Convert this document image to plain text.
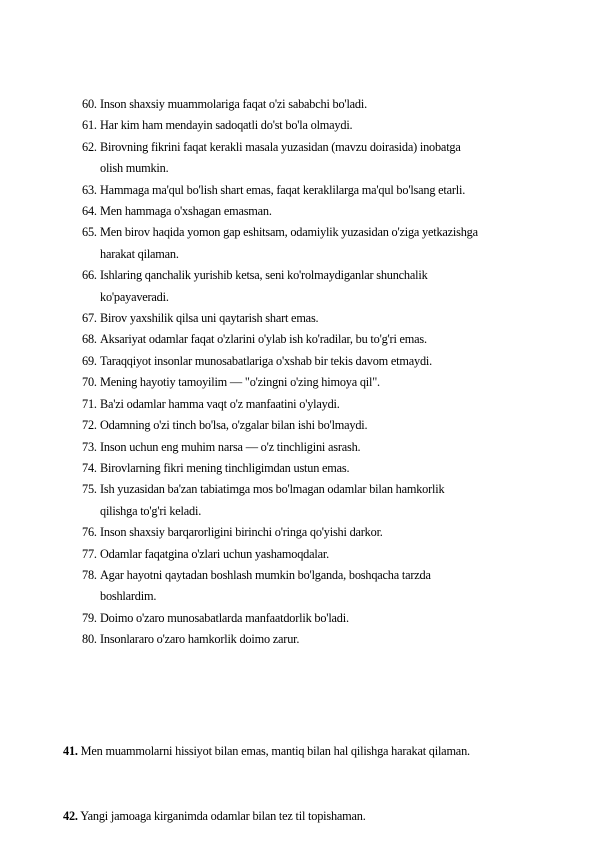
60. Inson shaxsiy muammolariga faqat o'zi sababchi bo'ladi.
61. Har kim ham mendayin sadoqatli do'st bo'la olmaydi.
62. Birovning fikrini faqat kerakli masala yuzasidan (mavzu doirasida) inobatga
olish mumkin.
63. Hammaga ma'qul bo'lish shart emas, faqat keraklilarga ma'qul bo'lsang etarli.
64. Men hammaga o'xshagan emasman.
65. Men birov haqida yomon gap eshitsam, odamiylik yuzasidan o'ziga yetkazishga
harakat qilaman.
66. Ishlaring qanchalik yurishib ketsa, seni ko'rolmaydiganlar shunchalik
ko'payaveradi.
67. Birov yaxshilik qilsa uni qaytarish shart emas.
68. Aksariyat odamlar faqat o'zlarini o'ylab ish ko'radilar, bu to'g'ri emas.
69. Taraqqiyot insonlar munosabatlariga o'xshab bir tekis davom etmaydi.
70. Mening hayotiy tamoyilim — "o'zingni o'zing himoya qil".
71. Ba'zi odamlar hamma vaqt o'z manfaatini o'ylaydi.
72. Odamning o'zi tinch bo'lsa, o'zgalar bilan ishi bo'lmaydi.
73. Inson uchun eng muhim narsa — o'z tinchligini asrash.
74. Birovlarning fikri mening tinchligimdan ustun emas.
75. Ish yuzasidan ba'zan tabiatimga mos bo'lmagan odamlar bilan hamkorlik
qilishga to'g'ri keladi.
76. Inson shaxsiy barqarorligini birinchi o'ringa qo'yishi darkor.
77. Odamlar faqatgina o'zlari uchun yashamoqdalar.
78. Agar hayotni qaytadan boshlash mumkin bo'lganda, boshqacha tarzda
boshlardim.
79. Doimo o'zaro munosabatlarda manfaatdorlik bo'ladi.
80. Insonlararo o'zaro hamkorlik doimo zarur.

41. Men muammolarni hissiyot bilan emas, mantiq bilan hal qilishga harakat qilaman.

42. Yangi jamoaga kirganimda odamlar bilan tez til topishaman.
